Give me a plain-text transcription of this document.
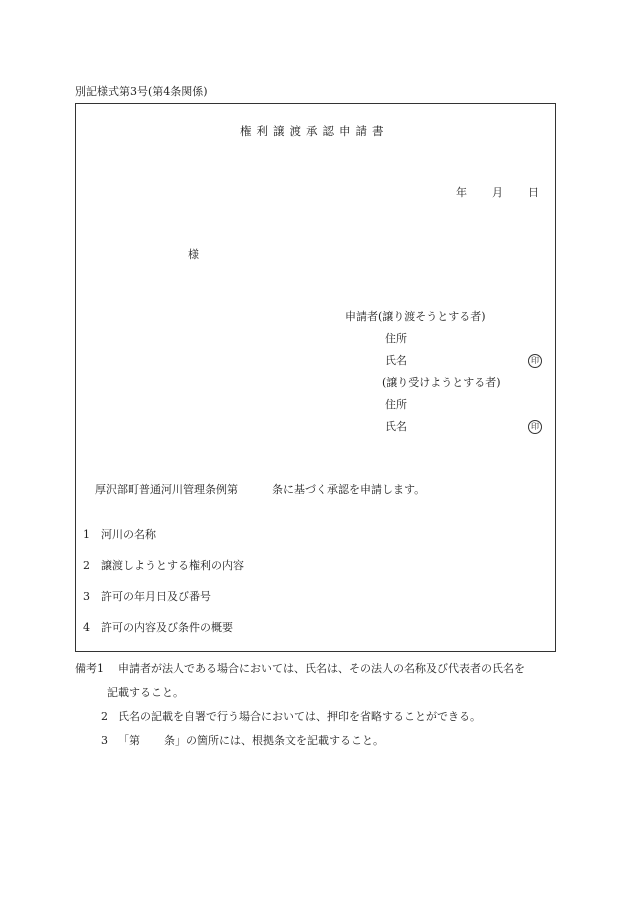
別記様式第3号(第4条関係)
権利譲渡承認申請書
年 月 日
様
申請者(譲り渡そうとする者)
住所
氏名	印
(譲り受けようとする者)
住所
氏名	印
厚沢部町普通河川管理条例第	条に基づく承認を申請します。
1 河川の名称
2 譲渡しようとする権利の内容
3 許可の年月日及び番号
4 許可の内容及び条件の概要
備考1 申請者が法人である場合においては、氏名は、その法人の名称及び代表者の氏名を
記載すること。
2 氏名の記載を自署で行う場合においては、押印を省略することができる。
3 「第 条」の箇所には、根拠条文を記載すること。
